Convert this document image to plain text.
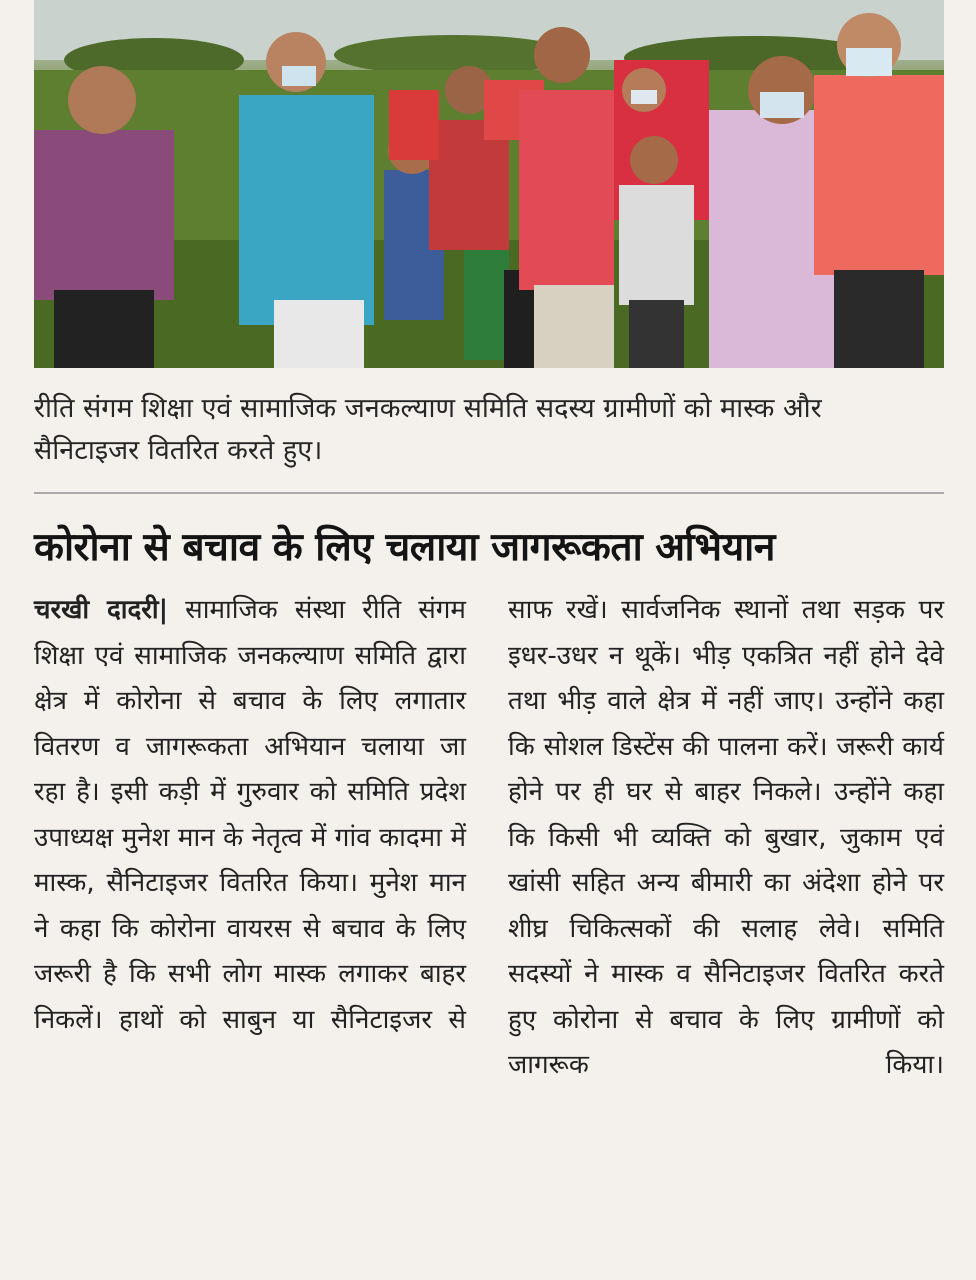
रीति संगम शिक्षा एवं सामाजिक जनकल्याण समिति सदस्य ग्रामीणों को मास्क और सैनिटाइजर वितरित करते हुए।
कोरोना से बचाव के लिए चलाया जागरूकता अभियान
चरखी दादरी| सामाजिक संस्था रीति संगम शिक्षा एवं सामाजिक जनकल्याण समिति द्वारा क्षेत्र में कोरोना से बचाव के लिए लगातार वितरण व जागरूकता अभियान चलाया जा रहा है। इसी कड़ी में गुरुवार को समिति प्रदेश उपाध्यक्ष मुनेश मान के नेतृत्व में गांव कादमा में मास्क, सैनिटाइजर वितरित किया। मुनेश मान ने कहा कि कोरोना वायरस से बचाव के लिए जरूरी है कि सभी लोग मास्क लगाकर बाहर निकलें। हाथों को साबुन या सैनिटाइजर से
साफ रखें। सार्वजनिक स्थानों तथा सड़क पर इधर-उधर न थूकें। भीड़ एकत्रित नहीं होने देवे तथा भीड़ वाले क्षेत्र में नहीं जाए। उन्होंने कहा कि सोशल डिस्टेंस की पालना करें। जरूरी कार्य होने पर ही घर से बाहर निकले। उन्होंने कहा कि किसी भी व्यक्ति को बुखार, जुकाम एवं खांसी सहित अन्य बीमारी का अंदेशा होने पर शीघ्र चिकित्सकों की सलाह लेवे। समिति सदस्यों ने मास्क व सैनिटाइजर वितरित करते हुए कोरोना से बचाव के लिए ग्रामीणों को जागरूक किया।
